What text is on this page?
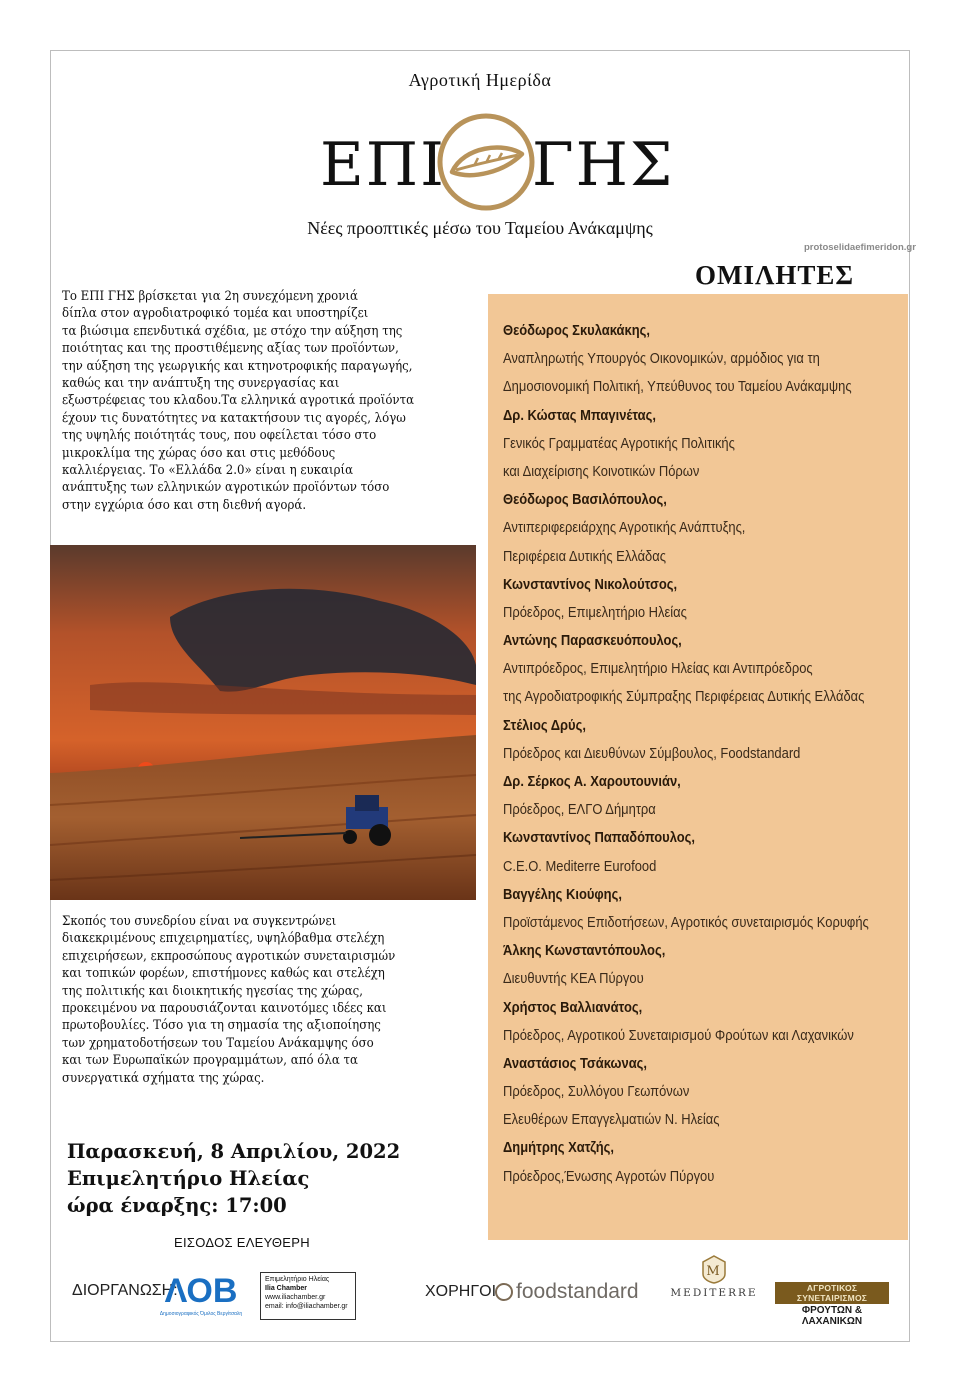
Αγροτική Ημερίδα
ΕΠΙ ΓΗΣ
Νέες προοπτικές μέσω του Ταμείου Ανάκαμψης
protoselidaefimeridon.gr
ΟΜΙΛΗΤΕΣ
Θεόδωρος Σκυλακάκης,
Αναπληρωτής Υπουργός Οικονομικών, αρμόδιος για τη
Δημοσιονομική Πολιτική, Υπεύθυνος του Ταμείου Ανάκαμψης
Δρ. Κώστας Μπαγινέτας,
Γενικός Γραμματέας Αγροτικής Πολιτικής
και Διαχείρισης Κοινοτικών Πόρων
Θεόδωρος Βασιλόπουλος,
Αντιπεριφερειάρχης Αγροτικής Ανάπτυξης,
Περιφέρεια Δυτικής Ελλάδας
Κωνσταντίνος Νικολούτσος,
Πρόεδρος, Επιμελητήριο Ηλείας
Αντώνης Παρασκευόπουλος,
Αντιπρόεδρος, Επιμελητήριο Ηλείας και Αντιπρόεδρος
της Αγροδιατροφικής Σύμπραξης Περιφέρειας Δυτικής Ελλάδας
Στέλιος Δρύς,
Πρόεδρος και Διευθύνων Σύμβουλος, Foodstandard
Δρ. Σέρκος Α. Χαρουτουνιάν,
Πρόεδρος, ΕΛΓΟ Δήμητρα
Κωνσταντίνος Παπαδόπουλος,
C.E.O. Mediterre Eurofood
Βαγγέλης Κιούφης,
Προϊστάμενος Επιδοτήσεων, Αγροτικός συνεταιρισμός Κορυφής
Άλκης Κωνσταντόπουλος,
Διευθυντής ΚΕΑ Πύργου
Χρήστος Βαλλιανάτος,
Πρόεδρος, Αγροτικού Συνεταιρισμού Φρούτων και Λαχανικών
Αναστάσιος Τσάκωνας,
Πρόεδρος, Συλλόγου Γεωπόνων
Ελευθέρων Επαγγελματιών Ν. Ηλείας
Δημήτρης Χατζής,
Πρόεδρος,Ένωσης Αγροτών Πύργου
Το ΕΠΙ ΓΗΣ βρίσκεται για 2η συνεχόμενη χρονιά
δίπλα στον αγροδιατροφικό τομέα και υποστηρίζει
τα βιώσιμα επενδυτικά σχέδια, με στόχο την αύξηση της
ποιότητας και της προστιθέμενης αξίας των προϊόντων,
την αύξηση της γεωργικής και κτηνοτροφικής παραγωγής,
καθώς και την ανάπτυξη της συνεργασίας και
εξωστρέφειας του κλαδου.Τα ελληνικά αγροτικά προϊόντα
έχουν τις δυνατότητες να κατακτήσουν τις αγορές, λόγω
της υψηλής ποιότητάς τους, που οφείλεται τόσο στο
μικροκλίμα της χώρας όσο και στις μεθόδους
καλλιέργειας. Το «Ελλάδα 2.0» είναι η ευκαιρία
ανάπτυξης των ελληνικών αγροτικών προϊόντων τόσο
στην εγχώρια όσο και στη διεθνή αγορά.
Σκοπός του συνεδρίου είναι να συγκεντρώνει
διακεκριμένους επιχειρηματίες, υψηλόβαθμα στελέχη
επιχειρήσεων, εκπροσώπους αγροτικών συνεταιρισμών
και τοπικών φορέων, επιστήμονες καθώς και στελέχη
της πολιτικής και διοικητικής ηγεσίας της χώρας,
προκειμένου να παρουσιάζονται καινοτόμες ιδέες και
πρωτοβουλίες. Τόσο για τη σημασία της αξιοποίησης
των χρηματοδοτήσεων του Ταμείου Ανάκαμψης όσο
και των Ευρωπαϊκών προγραμμάτων, από όλα τα
συνεργατικά σχήματα της χώρας.
Παρασκευή, 8 Απριλίου, 2022
Επιμελητήριο Ηλείας
ώρα έναρξης: 17:00
ΕΙΣΟΔΟΣ ΕΛΕΥΘΕΡΗ
ΔΙΟΡΓΑΝΩΣΗ:
ΛΟΒ
Δημοσιογραφικός Όμιλος Βεργίτσαλη
Επιμελητήριο Ηλείας
Ilia Chamber
www.iliachamber.gr
email: info@iliachamber.gr
ΧΟΡΗΓΟΙ foodstandard
M
MEDITERRE	ΑΓΡΟΤΙΚΟΣ ΣΥΝΕΤΑΙΡΙΣΜΟΣ
ΦΡΟΥΤΩΝ & ΛΑΧΑΝΙΚΩΝ
